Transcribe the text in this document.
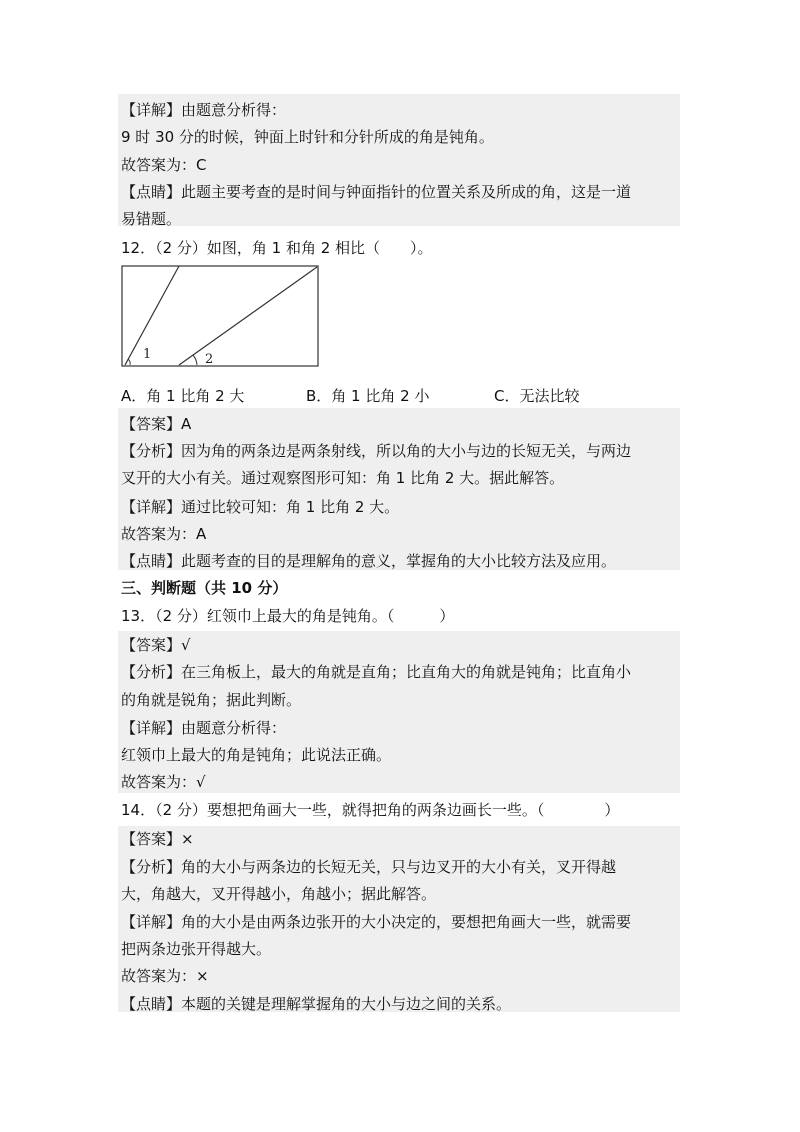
【详解】由题意分析得：
9 时 30 分的时候，钟面上时针和分针所成的角是钝角。
故答案为：C
【点睛】此题主要考查的是时间与钟面指针的位置关系及所成的角，这是一道
易错题。
12．（2 分）如图，角 1 和角 2 相比（　　）。
1	2
A．角 1 比角 2 大	B．角 1 比角 2 小	C．无法比较
【答案】A
【分析】因为角的两条边是两条射线，所以角的大小与边的长短无关，与两边
叉开的大小有关。通过观察图形可知：角 1 比角 2 大。据此解答。
【详解】通过比较可知：角 1 比角 2 大。
故答案为：A
【点睛】此题考查的目的是理解角的意义，掌握角的大小比较方法及应用。
三、判断题（共 10 分）
13．（2 分）红领巾上最大的角是钝角。（　　　）
【答案】√
【分析】在三角板上，最大的角就是直角；比直角大的角就是钝角；比直角小
的角就是锐角；据此判断。
【详解】由题意分析得：
红领巾上最大的角是钝角；此说法正确。
故答案为：√
14．（2 分）要想把角画大一些，就得把角的两条边画长一些。（　　　　）
【答案】×
【分析】角的大小与两条边的长短无关，只与边叉开的大小有关，叉开得越
大，角越大，叉开得越小，角越小；据此解答。
【详解】角的大小是由两条边张开的大小决定的，要想把角画大一些，就需要
把两条边张开得越大。
故答案为：×
【点睛】本题的关键是理解掌握角的大小与边之间的关系。
